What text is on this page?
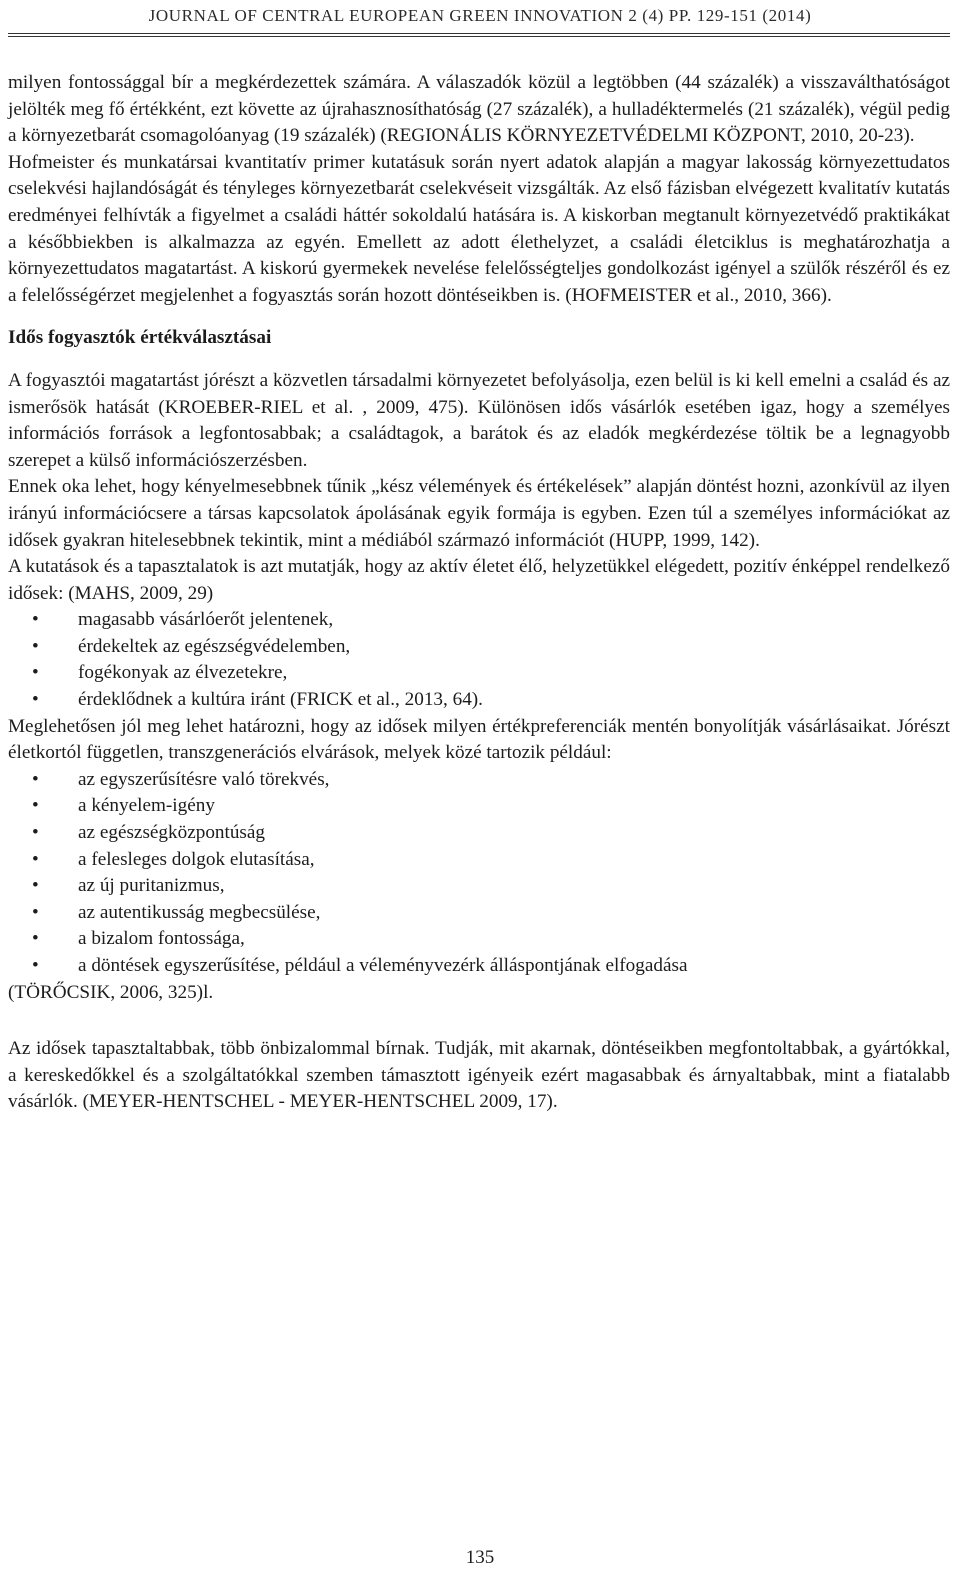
JOURNAL OF CENTRAL EUROPEAN GREEN INNOVATION 2 (4) PP. 129-151 (2014)

milyen fontossággal bír a megkérdezettek számára. A válaszadók közül a legtöbben (44 százalék) a visszaválthatóságot jelölték meg fő értékként, ezt követte az újrahasznosíthatóság (27 százalék), a hulladéktermelés (21 százalék), végül pedig a környezetbarát csomagolóanyag (19 százalék) (REGIONÁLIS KÖRNYEZETVÉDELMI KÖZPONT, 2010, 20-23).

Hofmeister és munkatársai kvantitatív primer kutatásuk során nyert adatok alapján a magyar lakosság környezettudatos cselekvési hajlandóságát és tényleges környezetbarát cselekvéseit vizsgálták. Az első fázisban elvégezett kvalitatív kutatás eredményei felhívták a figyelmet a családi háttér sokoldalú hatására is. A kiskorban megtanult környezetvédő praktikákat a későbbiekben is alkalmazza az egyén. Emellett az adott élethelyzet, a családi életciklus is meghatározhatja a környezettudatos magatartást. A kiskorú gyermekek nevelése felelősségteljes gondolkozást igényel a szülők részéről és ez a felelősségérzet megjelenhet a fogyasztás során hozott döntéseikben is. (HOFMEISTER et al., 2010, 366).

Idős fogyasztók értékválasztásai

A fogyasztói magatartást jórészt a közvetlen társadalmi környezetet befolyásolja, ezen belül is ki kell emelni a család és az ismerősök hatását (KROEBER-RIEL et al. , 2009, 475). Különösen idős vásárlók esetében igaz, hogy a személyes információs források a legfontosabbak; a családtagok, a barátok és az eladók megkérdezése töltik be a legnagyobb szerepet a külső információszerzésben.

Ennek oka lehet, hogy kényelmesebbnek tűnik „kész vélemények és értékelések” alapján döntést hozni, azonkívül az ilyen irányú információcsere a társas kapcsolatok ápolásának egyik formája is egyben. Ezen túl a személyes információkat az idősek gyakran hitelesebbnek tekintik, mint a médiából származó információt (HUPP, 1999, 142).

A kutatások és a tapasztalatok is azt mutatják, hogy az aktív életet élő, helyzetükkel elégedett, pozitív énképpel rendelkező idősek: (MAHS, 2009, 29)

• magasabb vásárlóerőt jelentenek,
• érdekeltek az egészségvédelemben,
• fogékonyak az élvezetekre,
• érdeklődnek a kultúra iránt (FRICK et al., 2013, 64).

Meglehetősen jól meg lehet határozni, hogy az idősek milyen értékpreferenciák mentén bonyolítják vásárlásaikat. Jórészt életkortól független, transzgenerációs elvárások, melyek közé tartozik például:

• az egyszerűsítésre való törekvés,
• a kényelem-igény
• az egészségközpontúság
• a felesleges dolgok elutasítása,
• az új puritanizmus,
• az autentikusság megbecsülése,
• a bizalom fontossága,
• a döntések egyszerűsítése, például a véleményvezérk álláspontjának elfogadása

(TÖRŐCSIK, 2006, 325)l.

Az idősek tapasztaltabbak, több önbizalommal bírnak. Tudják, mit akarnak, döntéseikben megfontoltabbak, a gyártókkal, a kereskedőkkel és a szolgáltatókkal szemben támasztott igényeik ezért magasabbak és árnyaltabbak, mint a fiatalabb vásárlók. (MEYER-HENTSCHEL - MEYER-HENTSCHEL 2009, 17).

135
